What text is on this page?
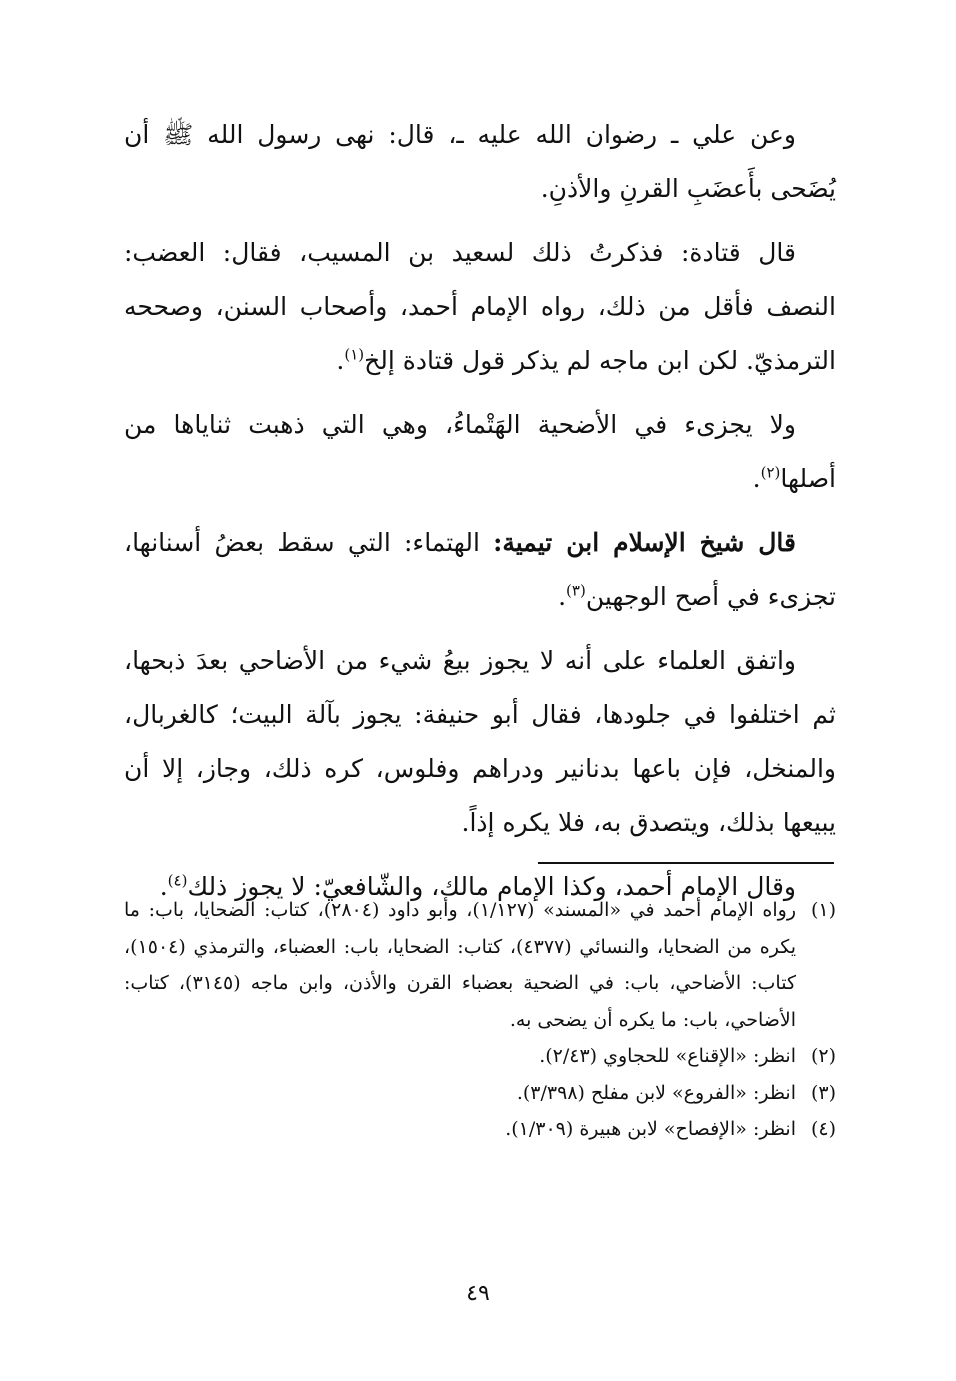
وعن علي ـ رضوان الله عليه ـ، قال: نهى رسول الله ﷺ أن يُضَحى بأَعضَبِ القرنِ والأذنِ.

قال قتادة: فذكرتُ ذلك لسعيد بن المسيب، فقال: العضب: النصف فأقل من ذلك، رواه الإمام أحمد، وأصحاب السنن، وصححه الترمذيّ. لكن ابن ماجه لم يذكر قول قتادة إلخ$^{(١)}$.

ولا يجزىء في الأضحية الهَتْماءُ، وهي التي ذهبت ثناياها من أصلها$^{(٢)}$.

قال شيخ الإسلام ابن تيمية: الهتماء: التي سقط بعضُ أسنانها، تجزىء في أصح الوجهين$^{(٣)}$.

واتفق العلماء على أنه لا يجوز بيعُ شيء من الأضاحي بعدَ ذبحها، ثم اختلفوا في جلودها، فقال أبو حنيفة: يجوز بآلة البيت؛ كالغربال، والمنخل، فإن باعها بدنانير ودراهم وفلوس، كره ذلك، وجاز، إلا أن يبيعها بذلك، ويتصدق به، فلا يكره إذاً.

وقال الإمام أحمد، وكذا الإمام مالك، والشّافعيّ: لا يجوز ذلك$^{(٤)}$.

(١)
رواه الإمام أحمد في «المسند» (١/١٢٧)، وأبو داود (٢٨٠٤)، كتاب: الضحايا، باب: ما يكره من الضحايا، والنسائي (٤٣٧٧)، كتاب: الضحايا، باب: العضباء، والترمذي (١٥٠٤)، كتاب: الأضاحي، باب: في الضحية بعضباء القرن والأذن، وابن ماجه (٣١٤٥)، كتاب: الأضاحي، باب: ما يكره أن يضحى به.
(٢)
انظر: «الإقناع» للحجاوي (٢/٤٣).
(٣)
انظر: «الفروع» لابن مفلح (٣/٣٩٨).
(٤)
انظر: «الإفصاح» لابن هبيرة (١/٣٠٩).
٤٩
